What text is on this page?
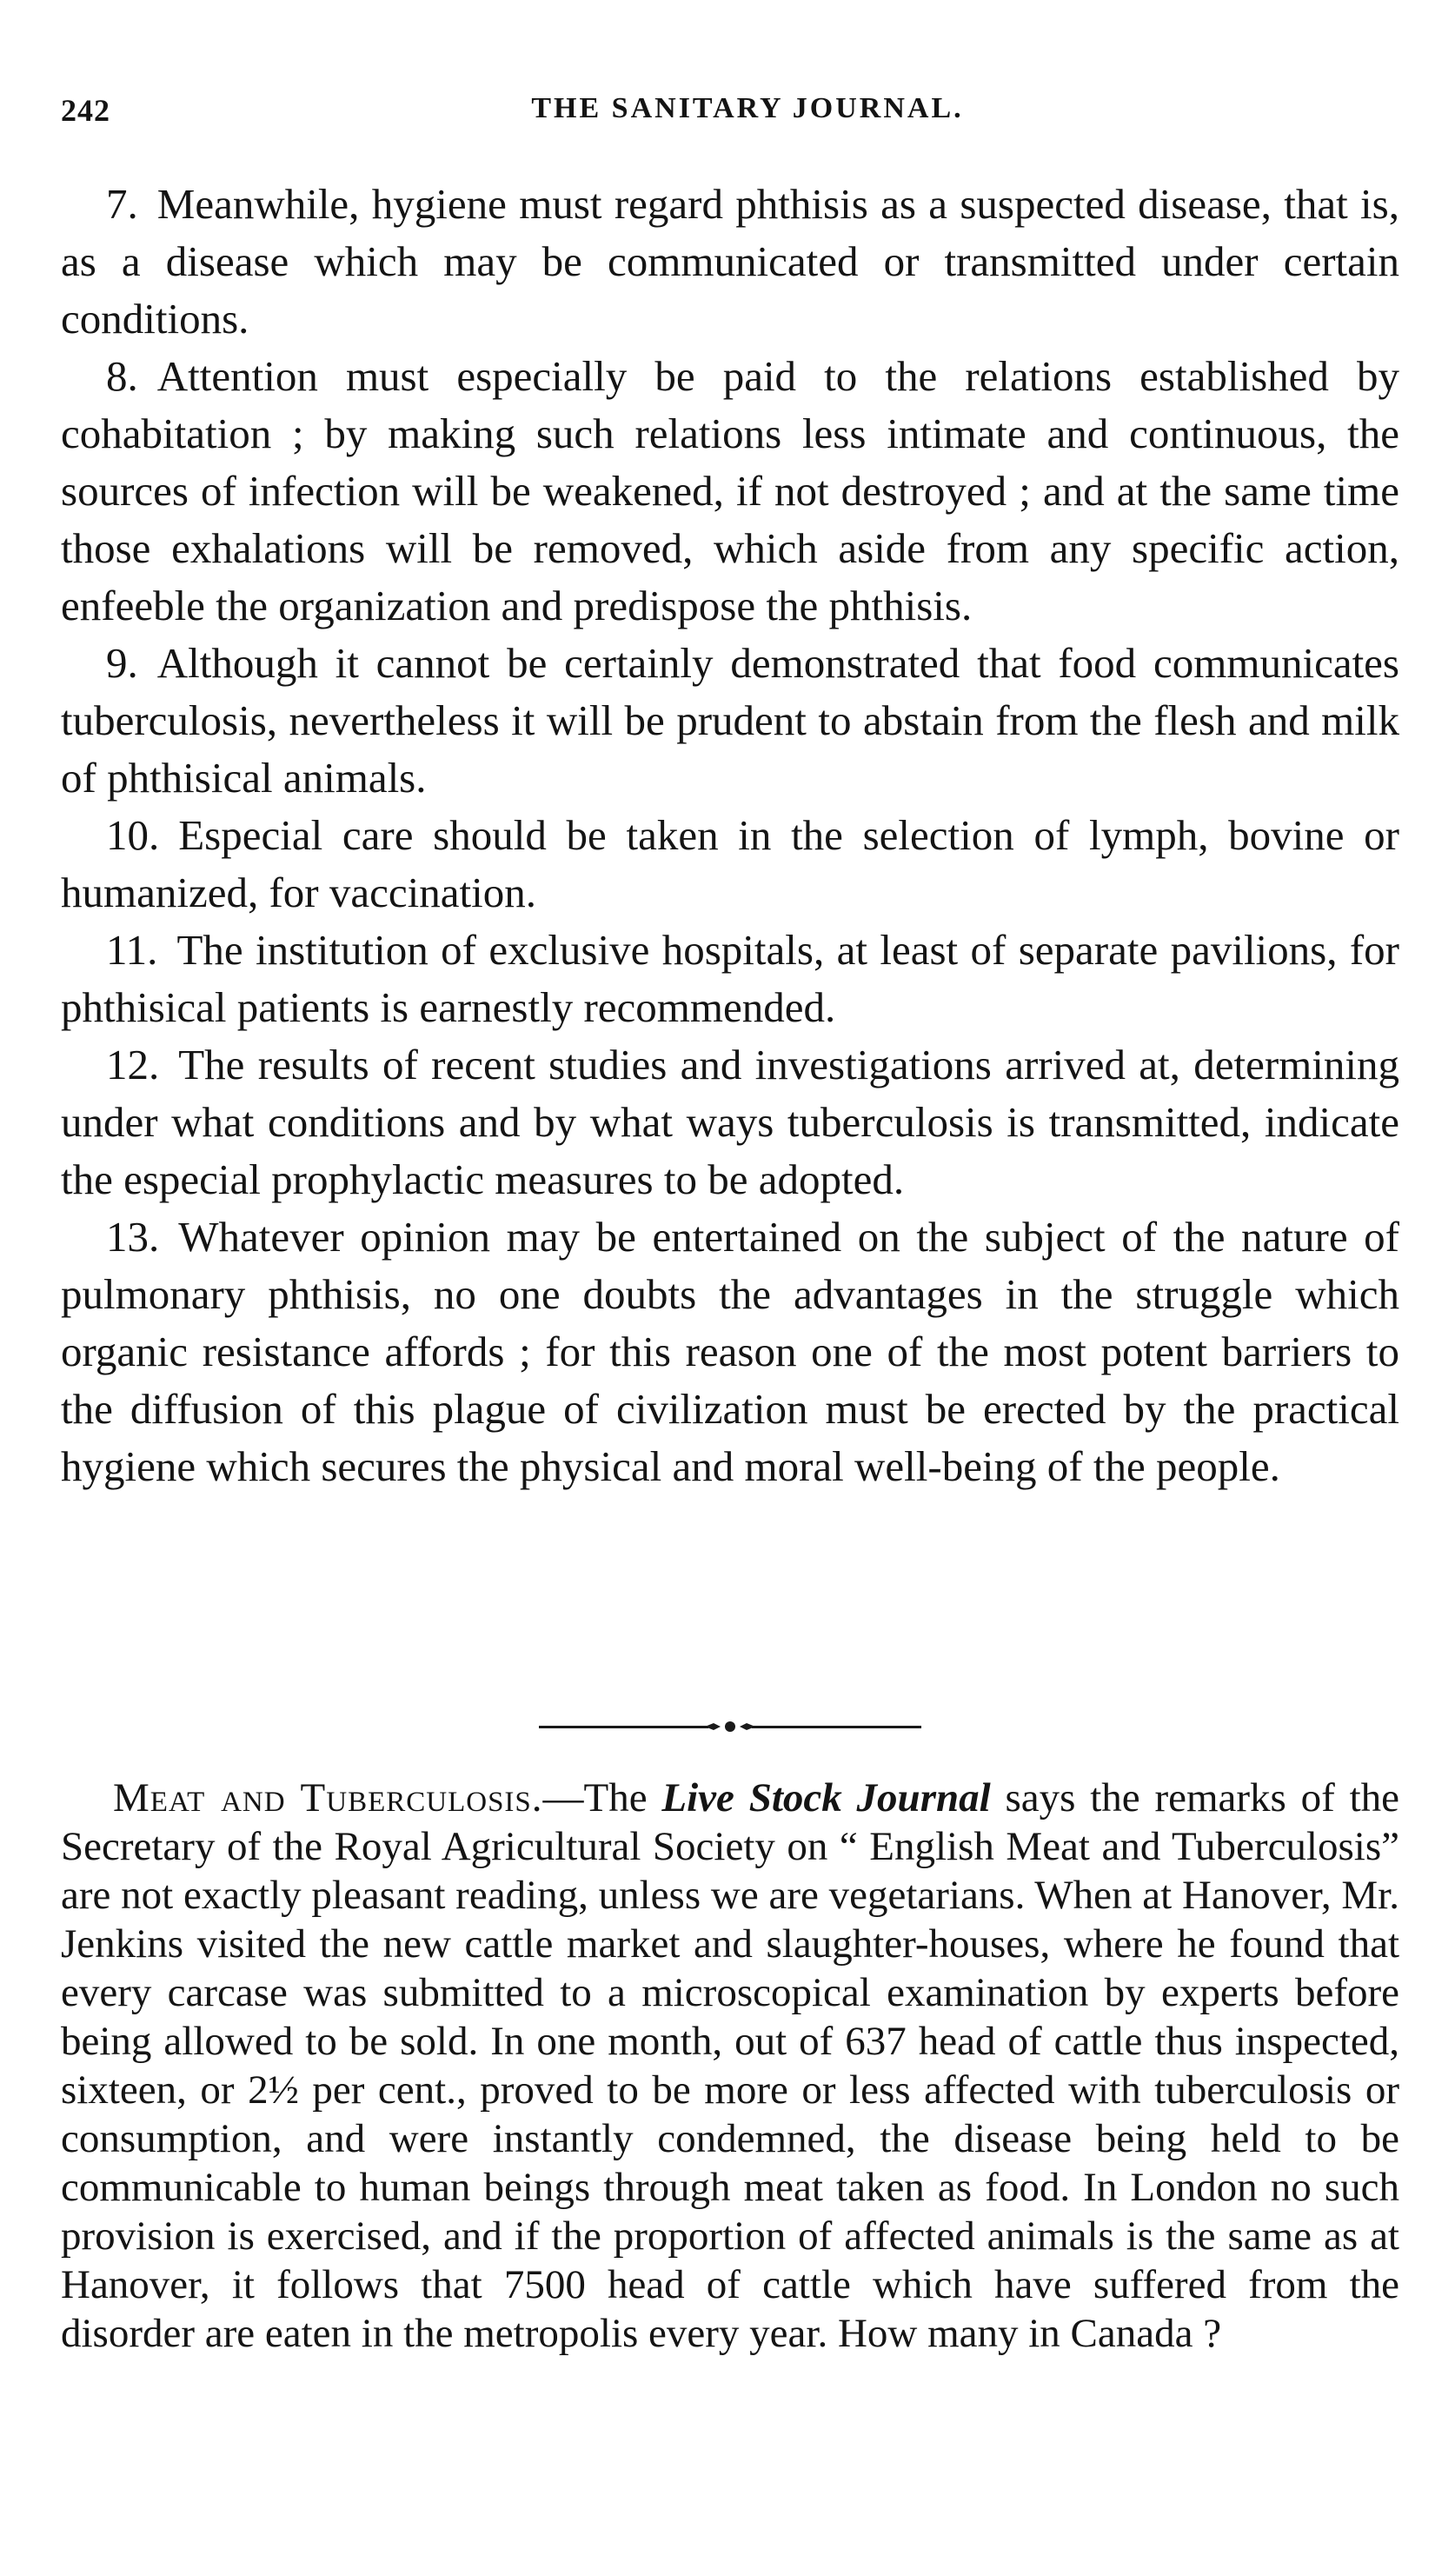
242	THE SANITARY JOURNAL.

7. Meanwhile, hygiene must regard phthisis as a suspected disease, that is, as a disease which may be communicated or transmitted under certain conditions.

8. Attention must especially be paid to the relations established by cohabitation ; by making such relations less intimate and continuous, the sources of infection will be weakened, if not destroyed ; and at the same time those exhalations will be removed, which aside from any specific action, enfeeble the organization and predispose the phthisis.

9. Although it cannot be certainly demonstrated that food communicates tuberculosis, nevertheless it will be prudent to abstain from the flesh and milk of phthisical animals.

10. Especial care should be taken in the selection of lymph, bovine or humanized, for vaccination.

11. The institution of exclusive hospitals, at least of separate pavilions, for phthisical patients is earnestly recommended.

12. The results of recent studies and investigations arrived at, determining under what conditions and by what ways tuberculosis is transmitted, indicate the especial prophylactic measures to be adopted.

13. Whatever opinion may be entertained on the subject of the nature of pulmonary phthisis, no one doubts the advantages in the struggle which organic resistance affords ; for this reason one of the most potent barriers to the diffusion of this plague of civilization must be erected by the practical hygiene which secures the physical and moral well-being of the people.

Meat and Tuberculosis.—The Live Stock Journal says the remarks of the Secretary of the Royal Agricultural Society on “ English Meat and Tuberculosis” are not exactly pleasant reading, unless we are vegetarians. When at Hanover, Mr. Jenkins visited the new cattle market and slaughter-houses, where he found that every carcase was submitted to a microscopical examination by experts before being allowed to be sold. In one month, out of 637 head of cattle thus inspected, sixteen, or 2½ per cent., proved to be more or less affected with tuberculosis or consumption, and were instantly condemned, the disease being held to be communicable to human beings through meat taken as food. In London no such provision is exercised, and if the proportion of affected animals is the same as at Hanover, it follows that 7500 head of cattle which have suffered from the disorder are eaten in the metropolis every year. How many in Canada ?
